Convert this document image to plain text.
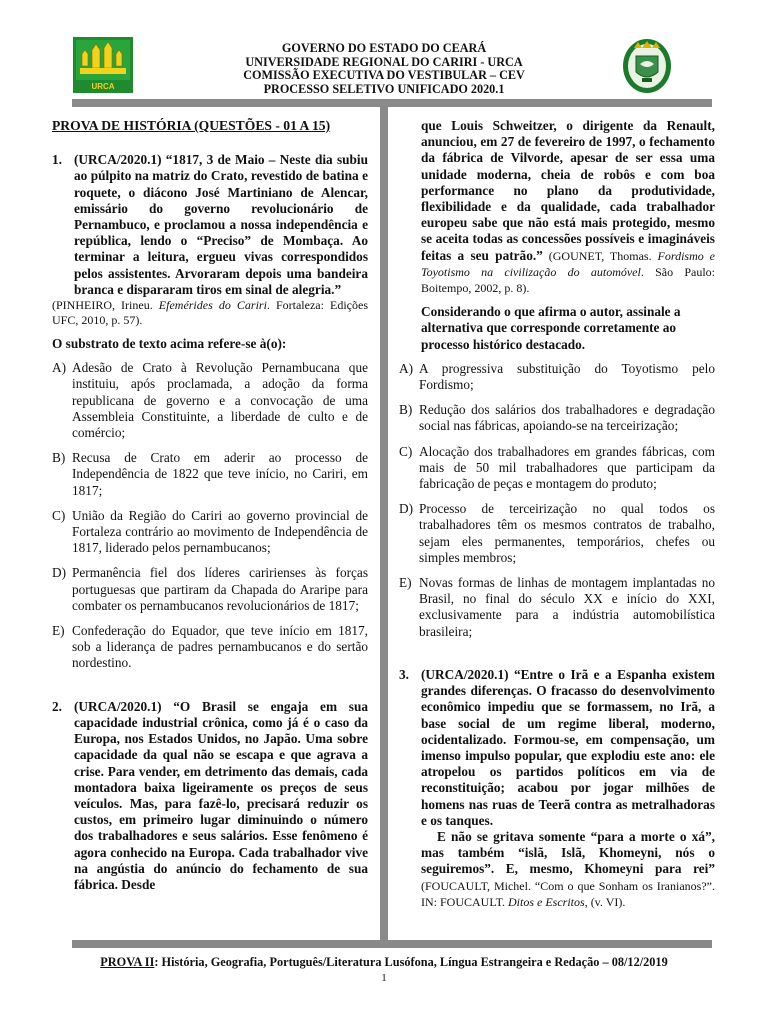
URCA
GOVERNO DO ESTADO DO CEARÁ
UNIVERSIDADE REGIONAL DO CARIRI - URCA
COMISSÃO EXECUTIVA DO VESTIBULAR – CEV
PROCESSO SELETIVO UNIFICADO 2020.1
PROVA DE HISTÓRIA (QUESTÕES - 01 A 15)
1. (URCA/2020.1) “1817, 3 de Maio – Neste dia subiu ao púlpito na matriz do Crato, revestido de batina e roquete, o diácono José Martiniano de Alencar, emissário do governo revolucionário de Pernambuco, e proclamou a nossa independência e república, lendo o “Preciso” de Mombaça. Ao terminar a leitura, ergueu vivas correspondidos pelos assistentes. Arvoraram depois uma bandeira branca e dispararam tiros em sinal de alegria.”
(PINHEIRO, Irineu. Efemérides do Cariri. Fortaleza: Edições UFC, 2010, p. 57).
O substrato de texto acima refere-se à(o):
A) Adesão de Crato à Revolução Pernambucana que instituiu, após proclamada, a adoção da forma republicana de governo e a convocação de uma Assembleia Constituinte, a liberdade de culto e de comércio;
B) Recusa de Crato em aderir ao processo de Independência de 1822 que teve início, no Cariri, em 1817;
C) União da Região do Cariri ao governo provincial de Fortaleza contrário ao movimento de Independência de 1817, liderado pelos pernambucanos;
D) Permanência fiel dos líderes caririenses às forças portuguesas que partiram da Chapada do Araripe para combater os pernambucanos revolucionários de 1817;
E) Confederação do Equador, que teve início em 1817, sob a liderança de padres pernambucanos e do sertão nordestino.
2. (URCA/2020.1) “O Brasil se engaja em sua capacidade industrial crônica, como já é o caso da Europa, nos Estados Unidos, no Japão. Uma sobre capacidade da qual não se escapa e que agrava a crise. Para vender, em detrimento das demais, cada montadora baixa ligeiramente os preços de seus veículos. Mas, para fazê-lo, precisará reduzir os custos, em primeiro lugar diminuindo o número dos trabalhadores e seus salários. Esse fenômeno é agora conhecido na Europa. Cada trabalhador vive na angústia do anúncio do fechamento de sua fábrica. Desde
que Louis Schweitzer, o dirigente da Renault, anunciou, em 27 de fevereiro de 1997, o fechamento da fábrica de Vilvorde, apesar de ser essa uma unidade moderna, cheia de robôs e com boa performance no plano da produtividade, flexibilidade e da qualidade, cada trabalhador europeu sabe que não está mais protegido, mesmo se aceita todas as concessões possíveis e imagináveis feitas a seu patrão.” (GOUNET, Thomas. Fordismo e Toyotismo na civilização do automóvel. São Paulo: Boitempo, 2002, p. 8).
Considerando o que afirma o autor, assinale a alternativa que corresponde corretamente ao processo histórico destacado.
A) A progressiva substituição do Toyotismo pelo Fordismo;
B) Redução dos salários dos trabalhadores e degradação social nas fábricas, apoiando-se na terceirização;
C) Alocação dos trabalhadores em grandes fábricas, com mais de 50 mil trabalhadores que participam da fabricação de peças e montagem do produto;
D) Processo de terceirização no qual todos os trabalhadores têm os mesmos contratos de trabalho, sejam eles permanentes, temporários, chefes ou simples membros;
E) Novas formas de linhas de montagem implantadas no Brasil, no final do século XX e início do XXI, exclusivamente para a indústria automobilística brasileira;
3. (URCA/2020.1) “Entre o Irã e a Espanha existem grandes diferenças. O fracasso do desenvolvimento econômico impediu que se formassem, no Irã, a base social de um regime liberal, moderno, ocidentalizado. Formou-se, em compensação, um imenso impulso popular, que explodiu este ano: ele atropelou os partidos políticos em via de reconstituição; acabou por jogar milhões de homens nas ruas de Teerã contra as metralhadoras e os tanques.
E não se gritava somente “para a morte o xá”, mas também “islã, Islã, Khomeyni, nós o seguiremos”. E, mesmo, Khomeyni para rei” (FOUCAULT, Michel. “Com o que Sonham os Iranianos?”. IN: FOUCAULT. Ditos e Escritos, (v. VI).
PROVA II: História, Geografia, Português/Literatura Lusófona, Língua Estrangeira e Redação – 08/12/2019
1
